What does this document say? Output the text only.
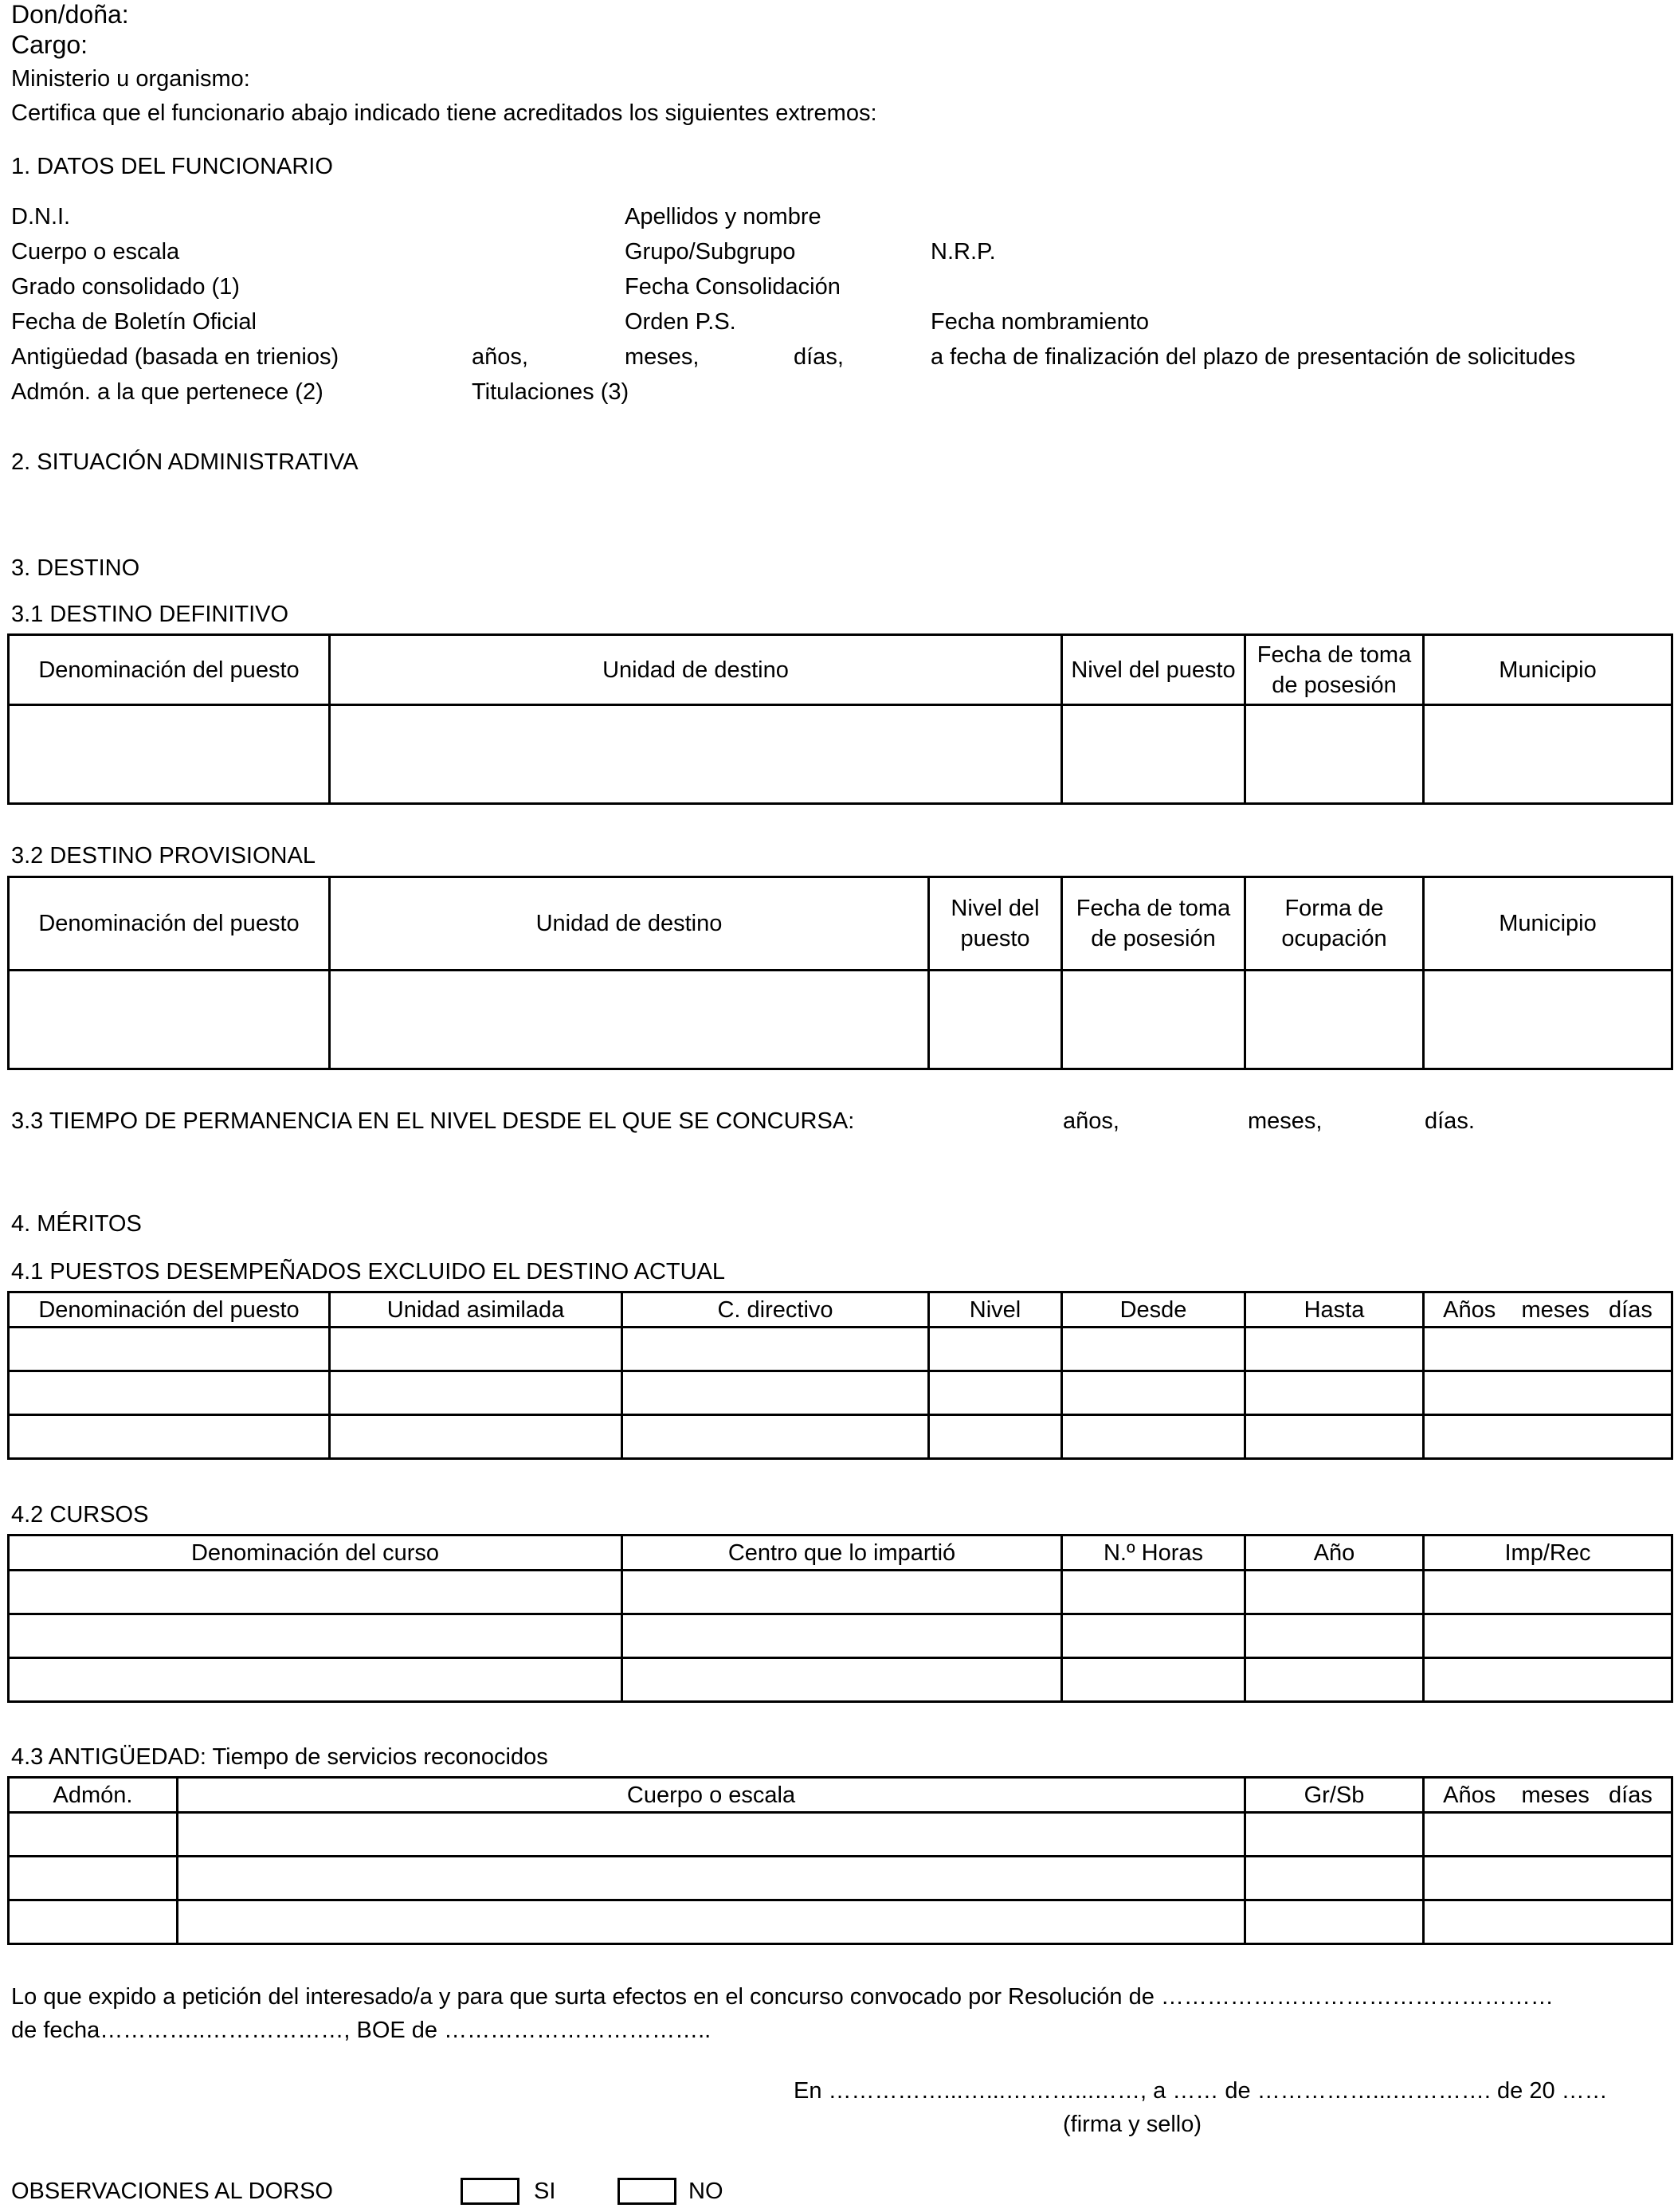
Don/doña:
Cargo:
Ministerio u organismo:
Certifica que el funcionario abajo indicado tiene acreditados los siguientes extremos:
1. DATOS DEL FUNCIONARIO
D.N.I.	Apellidos y nombre
Cuerpo o escala	Grupo/Subgrupo	N.R.P.
Grado consolidado (1)	Fecha Consolidación
Fecha de Boletín Oficial	Orden P.S.	Fecha nombramiento
Antigüedad (basada en trienios)	años,	meses,	días,	a fecha de finalización del plazo de presentación de solicitudes
Admón. a la que pertenece (2)	Titulaciones (3)
2. SITUACIÓN ADMINISTRATIVA
3. DESTINO
3.1 DESTINO DEFINITIVO
Denominación del puesto	Unidad de destino	Nivel del puesto	Fecha de toma de posesión	Municipio

3.2 DESTINO PROVISIONAL
Denominación del puesto	Unidad de destino	Nivel del puesto	Fecha de toma de posesión	Forma de ocupación	Municipio

3.3 TIEMPO DE PERMANENCIA EN EL NIVEL DESDE EL QUE SE CONCURSA:	años,	meses,	días.
4. MÉRITOS
4.1 PUESTOS DESEMPEÑADOS EXCLUIDO EL DESTINO ACTUAL
Denominación del puesto	Unidad asimilada	C. directivo	Nivel	Desde	Hasta	Años    meses   días

4.2 CURSOS
Denominación del curso	Centro que lo impartió	N.º Horas	Año	Imp/Rec

4.3 ANTIGÜEDAD: Tiempo de servicios reconocidos
Admón.	Cuerpo o escala	Gr/Sb	Años    meses   días

Lo que expido a petición del interesado/a y para que surta efectos en el concurso convocado por Resolución de ……………………………………………
de fecha…………..………………, BOE de ……………………………..
En ……………...…...………...……, a …… de ……………...…………. de 20 ……
(firma y sello)
OBSERVACIONES AL DORSO	SI	NO
